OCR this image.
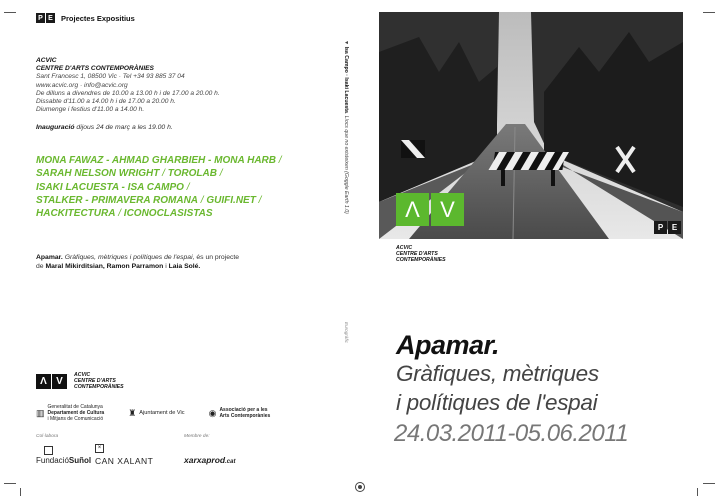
P E Projectes Expositius
ACVIC
CENTRE D'ARTS CONTEMPORÀNIES
Sant Francesc 1, 08500 Vic · Tel +34 93 885 37 04
www.acvic.org · info@acvic.org
De dilluns a divendres de 10.00 a 13.00 h i de 17.00 a 20.00 h.
Dissabte d'11.00 a 14.00 h i de 17.00 a 20.00 h.
Diumenge i festius d'11.00 a 14.00 h.
Inauguració dijous 24 de març a les 19.00 h.
MONA FAWAZ - AHMAD GHARBIEH - MONA HARB /
SARAH NELSON WRIGHT / TOROLAB /
ISAKI LACUESTA - ISA CAMPO /
STALKER - PRIMAVERA ROMANA / GUIFI.NET /
HACKITECTURA / ICONOCLASISTAS
Apamar. Gràfiques, mètriques i polítiques de l'espai, és un projecte
de Maral Mikirditsian, Ramon Parramon i Laia Solé.
Λ V
ACVIC
CENTRE D'ARTS
CONTEMPORÀNIES
▥
Generalitat de Catalunya
Departament de Cultura
i Mitjans de Comunicació
♜ Ajuntament de Vic	◉ Associació per a les
Arts Contemporànies
Col·labora	Membre de:
FundacióSuñol
×
CAN XALANT	xarxaprod.cat
▼ Isa Campo · Isaki Lacuesta. Llocs que no existeixen (Goggle Earth 1.0)
Eurogràfic
Λ V
P	E
ACVIC
CENTRE D'ARTS
CONTEMPORÀNIES
Apamar.
Gràfiques, mètriques
i polítiques de l'espai
24.03.2011-05.06.2011
